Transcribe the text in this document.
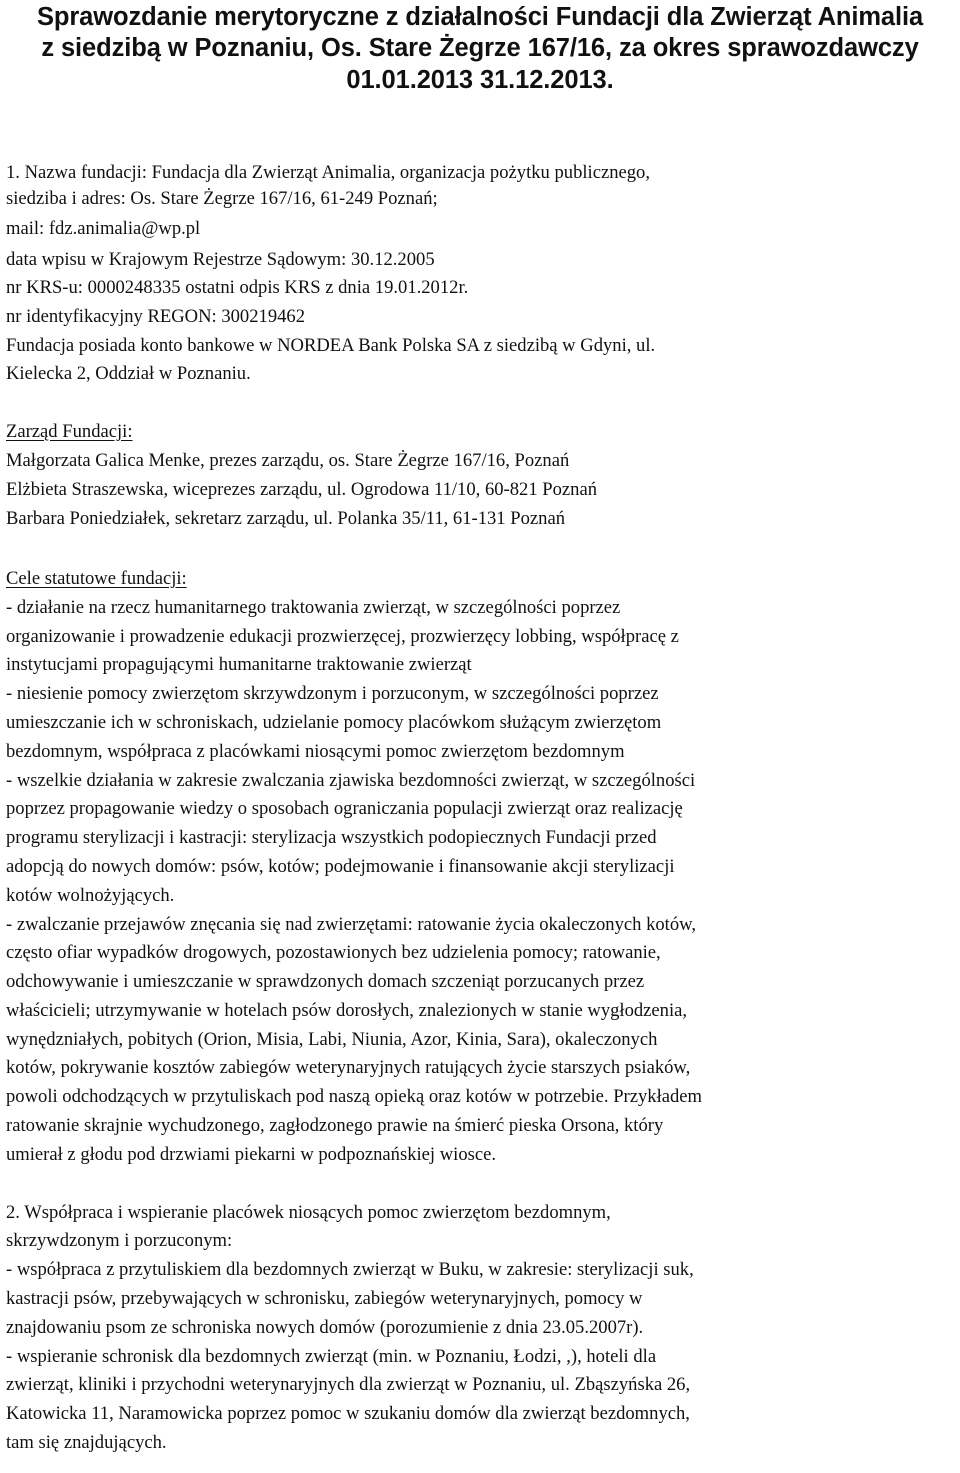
Sprawozdanie merytoryczne z działalności Fundacji dla Zwierząt Animalia
z siedzibą w Poznaniu, Os. Stare Żegrze 167/16, za okres sprawozdawczy
01.01.2013 31.12.2013.
1. Nazwa fundacji: Fundacja dla Zwierząt Animalia, organizacja pożytku publicznego,
siedziba i adres: Os. Stare Żegrze 167/16, 61-249 Poznań;
mail: fdz.animalia@wp.pl
data wpisu w Krajowym Rejestrze Sądowym: 30.12.2005
nr KRS-u: 0000248335 ostatni odpis KRS z dnia 19.01.2012r.
nr identyfikacyjny REGON: 300219462
Fundacja posiada konto bankowe w NORDEA Bank Polska SA z siedzibą w Gdyni, ul.
Kielecka 2, Oddział w Poznaniu.
Zarząd Fundacji:
Małgorzata Galica Menke, prezes zarządu, os. Stare Żegrze 167/16, Poznań
Elżbieta Straszewska, wiceprezes zarządu, ul. Ogrodowa 11/10, 60-821 Poznań
Barbara Poniedziałek, sekretarz zarządu, ul. Polanka 35/11, 61-131 Poznań
Cele statutowe fundacji:
- działanie na rzecz humanitarnego traktowania zwierząt, w szczególności poprzez
organizowanie i prowadzenie edukacji prozwierzęcej, prozwierzęcy lobbing, współpracę z
instytucjami propagującymi humanitarne traktowanie zwierząt
- niesienie pomocy zwierzętom skrzywdzonym i porzuconym, w szczególności poprzez
umieszczanie ich w schroniskach, udzielanie pomocy placówkom służącym zwierzętom
bezdomnym, współpraca z placówkami niosącymi pomoc zwierzętom bezdomnym
- wszelkie działania w zakresie zwalczania zjawiska bezdomności zwierząt, w szczególności
poprzez propagowanie wiedzy o sposobach ograniczania populacji zwierząt oraz realizację
programu sterylizacji i kastracji: sterylizacja wszystkich podopiecznych Fundacji przed
adopcją do nowych domów: psów, kotów; podejmowanie i finansowanie akcji sterylizacji
kotów wolnożyjących.
- zwalczanie przejawów znęcania się nad zwierzętami: ratowanie życia okaleczonych kotów,
często ofiar wypadków drogowych, pozostawionych bez udzielenia pomocy; ratowanie,
odchowywanie i umieszczanie w sprawdzonych domach szczeniąt porzucanych przez
właścicieli; utrzymywanie w hotelach psów dorosłych, znalezionych w stanie wygłodzenia,
wynędzniałych, pobitych (Orion, Misia, Labi, Niunia, Azor, Kinia, Sara), okaleczonych
kotów, pokrywanie kosztów zabiegów weterynaryjnych ratujących życie starszych psiaków,
powoli odchodzących w przytuliskach pod naszą opieką oraz kotów w potrzebie. Przykładem
ratowanie skrajnie wychudzonego, zagłodzonego prawie na śmierć pieska Orsona, który
umierał z głodu pod drzwiami piekarni w podpoznańskiej wiosce.
2. Współpraca i wspieranie placówek niosących pomoc zwierzętom bezdomnym,
skrzywdzonym i porzuconym:
- współpraca z przytuliskiem dla bezdomnych zwierząt w Buku, w zakresie: sterylizacji suk,
kastracji psów, przebywających w schronisku, zabiegów weterynaryjnych, pomocy w
znajdowaniu psom ze schroniska nowych domów (porozumienie z dnia 23.05.2007r).
- wspieranie schronisk dla bezdomnych zwierząt (min. w Poznaniu, Łodzi, ,), hoteli dla
zwierząt, kliniki i przychodni weterynaryjnych dla zwierząt w Poznaniu, ul. Zbąszyńska 26,
Katowicka 11, Naramowicka poprzez pomoc w szukaniu domów dla zwierząt bezdomnych,
tam się znajdujących.
